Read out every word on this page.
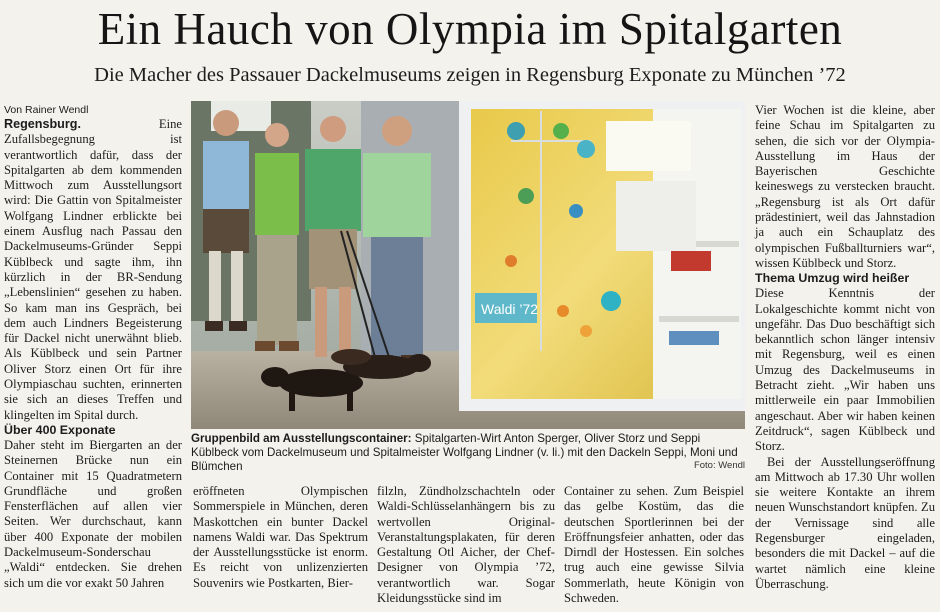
Ein Hauch von Olympia im Spitalgarten
Die Macher des Passauer Dackelmuseums zeigen in Regensburg Exponate zu München ’72

Von Rainer Wendl

Regensburg. Eine Zufallsbegegnung ist verantwortlich dafür, dass der Spitalgarten ab dem kommenden Mittwoch zum Ausstellungsort wird: Die Gattin von Spitalmeister Wolfgang Lindner erblickte bei einem Ausflug nach Passau den Dackelmuseums-Gründer Seppi Küblbeck und sagte ihm, ihn kürzlich in der BR-Sendung „Lebenslinien“ gesehen zu haben. So kam man ins Gespräch, bei dem auch Lindners Begeisterung für Dackel nicht unerwähnt blieb. Als Küblbeck und sein Partner Oliver Storz einen Ort für ihre Olympiaschau suchten, erinnerten sie sich an dieses Treffen und klingelten im Spital durch.

Über 400 Exponate

Daher steht im Biergarten an der Steinernen Brücke nun ein Container mit 15 Quadratmetern Grundfläche und großen Fensterflächen auf allen vier Seiten. Wer durchschaut, kann über 400 Exponate der mobilen Dackelmuseum-Sonderschau „Waldi“ entdecken. Sie drehen sich um die vor exakt 50 Jahren

Waldi ’72
Gruppenbild am Ausstellungscontainer: Spitalgarten-Wirt Anton Sperger, Oliver Storz und Seppi Küblbeck vom Dackelmuseum und Spitalmeister Wolfgang Lindner (v. li.) mit den Dackeln Seppi, Moni und Blümchen	Foto: Wendl

eröffneten Olympischen Sommerspiele in München, deren Maskottchen ein bunter Dackel namens Waldi war. Das Spektrum der Ausstellungsstücke ist enorm. Es reicht von unlizenzierten Souvenirs wie Postkarten, Bier-

filzln, Zündholzschachteln oder Waldi-Schlüsselanhängern bis zu wertvollen Original-Veranstaltungsplakaten, für deren Gestaltung Otl Aicher, der Chef-Designer von Olympia ’72, verantwortlich war. Sogar Kleidungsstücke sind im

Container zu sehen. Zum Beispiel das gelbe Kostüm, das die deutschen Sportlerinnen bei der Eröffnungsfeier anhatten, oder das Dirndl der Hostessen. Ein solches trug auch eine gewisse Silvia Sommerlath, heute Königin von Schweden.

Vier Wochen ist die kleine, aber feine Schau im Spitalgarten zu sehen, die sich vor der Olympia-Ausstellung im Haus der Bayerischen Geschichte keineswegs zu verstecken braucht. „Regensburg ist als Ort dafür prädestiniert, weil das Jahnstadion ja auch ein Schauplatz des olympischen Fußballturniers war“, wissen Küblbeck und Storz.

Thema Umzug wird heißer

Diese Kenntnis der Lokalgeschichte kommt nicht von ungefähr. Das Duo beschäftigt sich bekanntlich schon länger intensiv mit Regensburg, weil es einen Umzug des Dackelmuseums in Betracht zieht. „Wir haben uns mittlerweile ein paar Immobilien angeschaut. Aber wir haben keinen Zeitdruck“, sagen Küblbeck und Storz.

Bei der Ausstellungseröffnung am Mittwoch ab 17.30 Uhr wollen sie weitere Kontakte an ihrem neuen Wunschstandort knüpfen. Zu der Vernissage sind alle Regensburger eingeladen, besonders die mit Dackel – auf die wartet nämlich eine kleine Überraschung.
